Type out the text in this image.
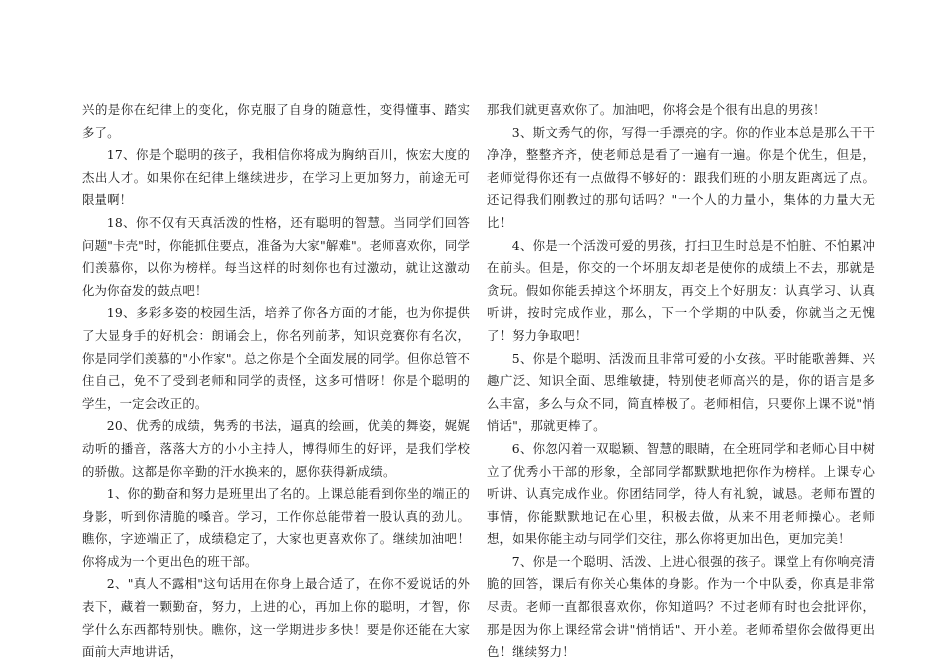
兴的是你在纪律上的变化，你克服了自身的随意性，变得懂事、踏实多了。

17、你是个聪明的孩子，我相信你将成为胸纳百川，恢宏大度的杰出人才。如果你在纪律上继续进步，在学习上更加努力，前途无可限量啊！

18、你不仅有天真活泼的性格，还有聪明的智慧。当同学们回答问题"卡壳"时，你能抓住要点，准备为大家"解难"。老师喜欢你，同学们羡慕你，以你为榜样。每当这样的时刻你也有过激动，就让这激动化为你奋发的鼓点吧！

19、多彩多姿的校园生活，培养了你各方面的才能，也为你提供了大显身手的好机会：朗诵会上，你名列前茅，知识竞赛你有名次，你是同学们羡慕的"小作家"。总之你是个全面发展的同学。但你总管不住自己，免不了受到老师和同学的责怪，这多可惜呀！你是个聪明的学生，一定会改正的。

20、优秀的成绩，隽秀的书法，逼真的绘画，优美的舞姿，娓娓动听的播音，落落大方的小小主持人，博得师生的好评，是我们学校的骄傲。这都是你辛勤的汗水换来的，愿你获得新成绩。

1、你的勤奋和努力是班里出了名的。上课总能看到你坐的端正的身影，听到你清脆的嗓音。学习，工作你总能带着一股认真的劲儿。瞧你，字迹端正了，成绩稳定了，大家也更喜欢你了。继续加油吧！你将成为一个更出色的班干部。

2、"真人不露相"这句话用在你身上最合适了，在你不爱说话的外表下，藏着一颗勤奋，努力，上进的心，再加上你的聪明，才智，你学什么东西都特别快。瞧你，这一学期进步多快！要是你还能在大家面前大声地讲话，

那我们就更喜欢你了。加油吧，你将会是个很有出息的男孩！

3、斯文秀气的你，写得一手漂亮的字。你的作业本总是那么干干净净，整整齐齐，使老师总是看了一遍有一遍。你是个优生，但是，老师觉得你还有一点做得不够好的：跟我们班的小朋友距离远了点。还记得我们刚教过的那句话吗？"一个人的力量小，集体的力量大无比！

4、你是一个活泼可爱的男孩，打扫卫生时总是不怕脏、不怕累冲在前头。但是，你交的一个坏朋友却老是使你的成绩上不去，那就是贪玩。假如你能丢掉这个坏朋友，再交上个好朋友：认真学习、认真听讲，按时完成作业，那么，下一个学期的中队委，你就当之无愧了！努力争取吧！

5、你是个聪明、活泼而且非常可爱的小女孩。平时能歌善舞、兴趣广泛、知识全面、思维敏捷，特别使老师高兴的是，你的语言是多么丰富，多么与众不同，简直棒极了。老师相信，只要你上课不说"悄悄话"，那就更棒了。

6、你忽闪着一双聪颖、智慧的眼睛，在全班同学和老师心目中树立了优秀小干部的形象，全部同学都默默地把你作为榜样。上课专心听讲、认真完成作业。你团结同学，待人有礼貌，诚恳。老师布置的事情，你能默默地记在心里，积极去做，从来不用老师操心。老师想，如果你能主动与同学们交往，那么你将更加出色，更加完美！

7、你是一个聪明、活泼、上进心很强的孩子。课堂上有你响亮清脆的回答，课后有你关心集体的身影。作为一个中队委，你真是非常尽责。老师一直都很喜欢你，你知道吗？不过老师有时也会批评你，那是因为你上课经常会讲"悄悄话"、开小差。老师希望你会做得更出色！继续努力！
